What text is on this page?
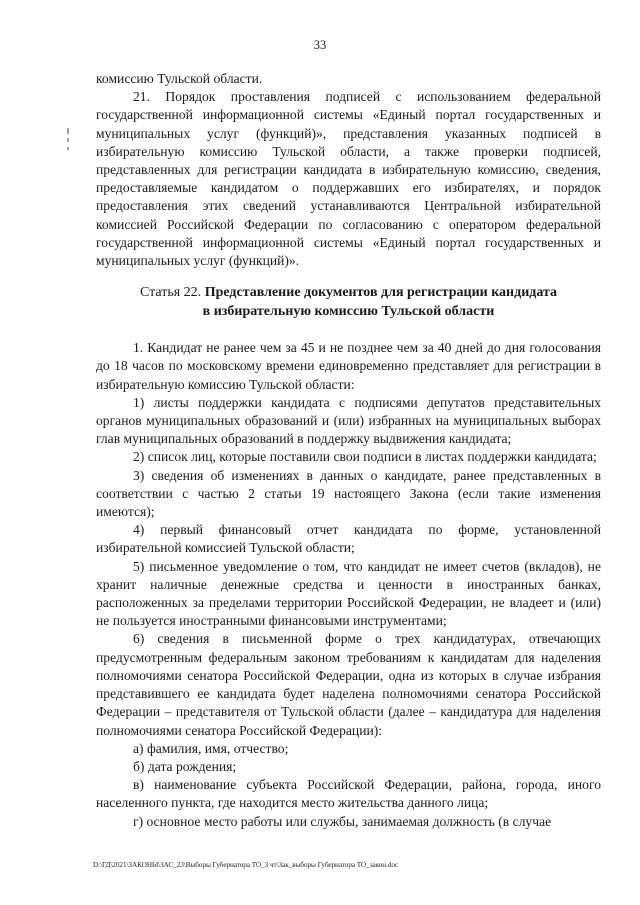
33

комиссию Тульской области.

21. Порядок проставления подписей с использованием федеральной государственной информационной системы «Единый портал государственных и муниципальных услуг (функций)», представления указанных подписей в избирательную комиссию Тульской области, а также проверки подписей, представленных для регистрации кандидата в избирательную комиссию, сведения, предоставляемые кандидатом о поддержавших его избирателях, и порядок предоставления этих сведений устанавливаются Центральной избирательной комиссией Российской Федерации по согласованию с оператором федеральной государственной информационной системы «Единый портал государственных и муниципальных услуг (функций)».

Статья 22. Представление документов для регистрации кандидата
в избирательную комиссию Тульской области

1. Кандидат не ранее чем за 45 и не позднее чем за 40 дней до дня голосования до 18 часов по московскому времени единовременно представляет для регистрации в избирательную комиссию Тульской области:

1) листы поддержки кандидата с подписями депутатов представительных органов муниципальных образований и (или) избранных на муниципальных выборах глав муниципальных образований в поддержку выдвижения кандидата;

2) список лиц, которые поставили свои подписи в листах поддержки кандидата;

3) сведения об изменениях в данных о кандидате, ранее представленных в соответствии с частью 2 статьи 19 настоящего Закона (если такие изменения имеются);

4) первый финансовый отчет кандидата по форме, установленной избирательной комиссией Тульской области;

5) письменное уведомление о том, что кандидат не имеет счетов (вкладов), не хранит наличные денежные средства и ценности в иностранных банках, расположенных за пределами территории Российской Федерации, не владеет и (или) не пользуется иностранными финансовыми инструментами;

6) сведения в письменной форме о трех кандидатурах, отвечающих предусмотренным федеральным законом требованиям к кандидатам для наделения полномочиями сенатора Российской Федерации, одна из которых в случае избрания представившего ее кандидата будет наделена полномочиями сенатора Российской Федерации – представителя от Тульской области (далее – кандидатура для наделения полномочиями сенатора Российской Федерации):

а) фамилия, имя, отчество;

б) дата рождения;

в) наименование субъекта Российской Федерации, района, города, иного населенного пункта, где находится место жительства данного лица;

г) основное место работы или службы, занимаемая должность (в случае

D:\ГД\2021\ЗАКОНЫ\ЗАС_23\Выборы Губернатора ТО_3 чт\Зак_выборы Губернатора ТО_закон.doc
